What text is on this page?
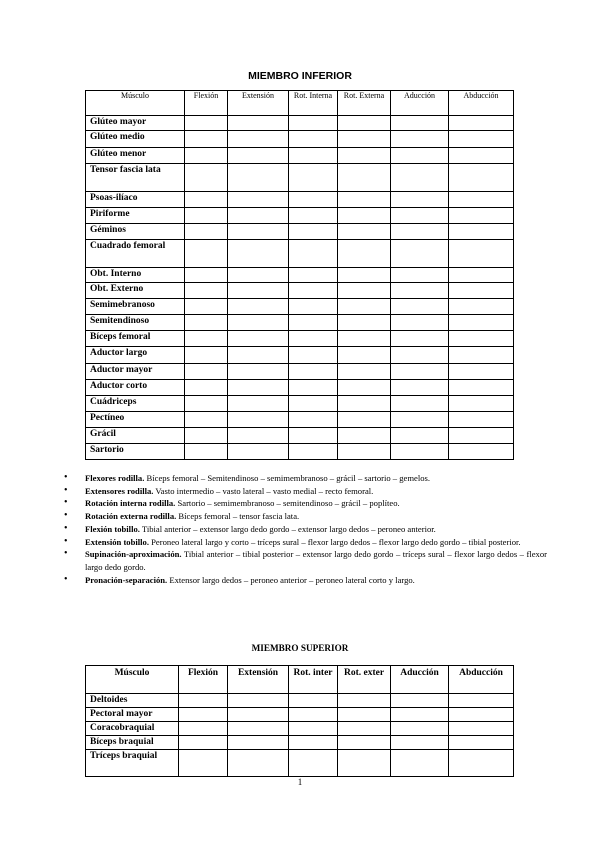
MIEMBRO INFERIOR
Músculo	Flexión	Extensión	Rot. Interna	Rot. Externa	Aducción	Abducción
Glúteo mayor						
Glúteo medio						
Glúteo menor						
Tensor fascia lata						
Psoas-ilíaco						
Piriforme						
Géminos						
Cuadrado femoral						
Obt. Interno						
Obt. Externo						
Semimebranoso						
Semitendinoso						
Bíceps femoral						
Aductor largo						
Aductor mayor						
Aductor corto						
Cuádriceps						
Pectíneo						
Grácil						
Sartorio						
• Flexores rodilla. Bíceps femoral – Semitendinoso – semimembranoso – grácil – sartorio – gemelos.
• Extensores rodilla. Vasto intermedio – vasto lateral – vasto medial – recto femoral.
• Rotación interna rodilla. Sartorio – semimembranoso – semitendinoso – grácil – poplíteo.
• Rotación externa rodilla. Bíceps femoral – tensor fascia lata.
• Flexión tobillo. Tibial anterior – extensor largo dedo gordo – extensor largo dedos – peroneo anterior.
• Extensión tobillo. Peroneo lateral largo y corto – tríceps sural – flexor largo dedos – flexor largo dedo gordo – tibial posterior.
• Supinación-aproximación. Tibial anterior – tibial posterior – extensor largo dedo gordo – tríceps sural – flexor largo dedos – flexor largo dedo gordo.
• Pronación-separación. Extensor largo dedos – peroneo anterior – peroneo lateral corto y largo.
MIEMBRO SUPERIOR
Músculo	Flexión	Extensión	Rot. inter	Rot. exter	Aducción	Abducción
Deltoides						
Pectoral mayor						
Coracobraquial						
Bíceps braquial						
Tríceps braquial						
1
